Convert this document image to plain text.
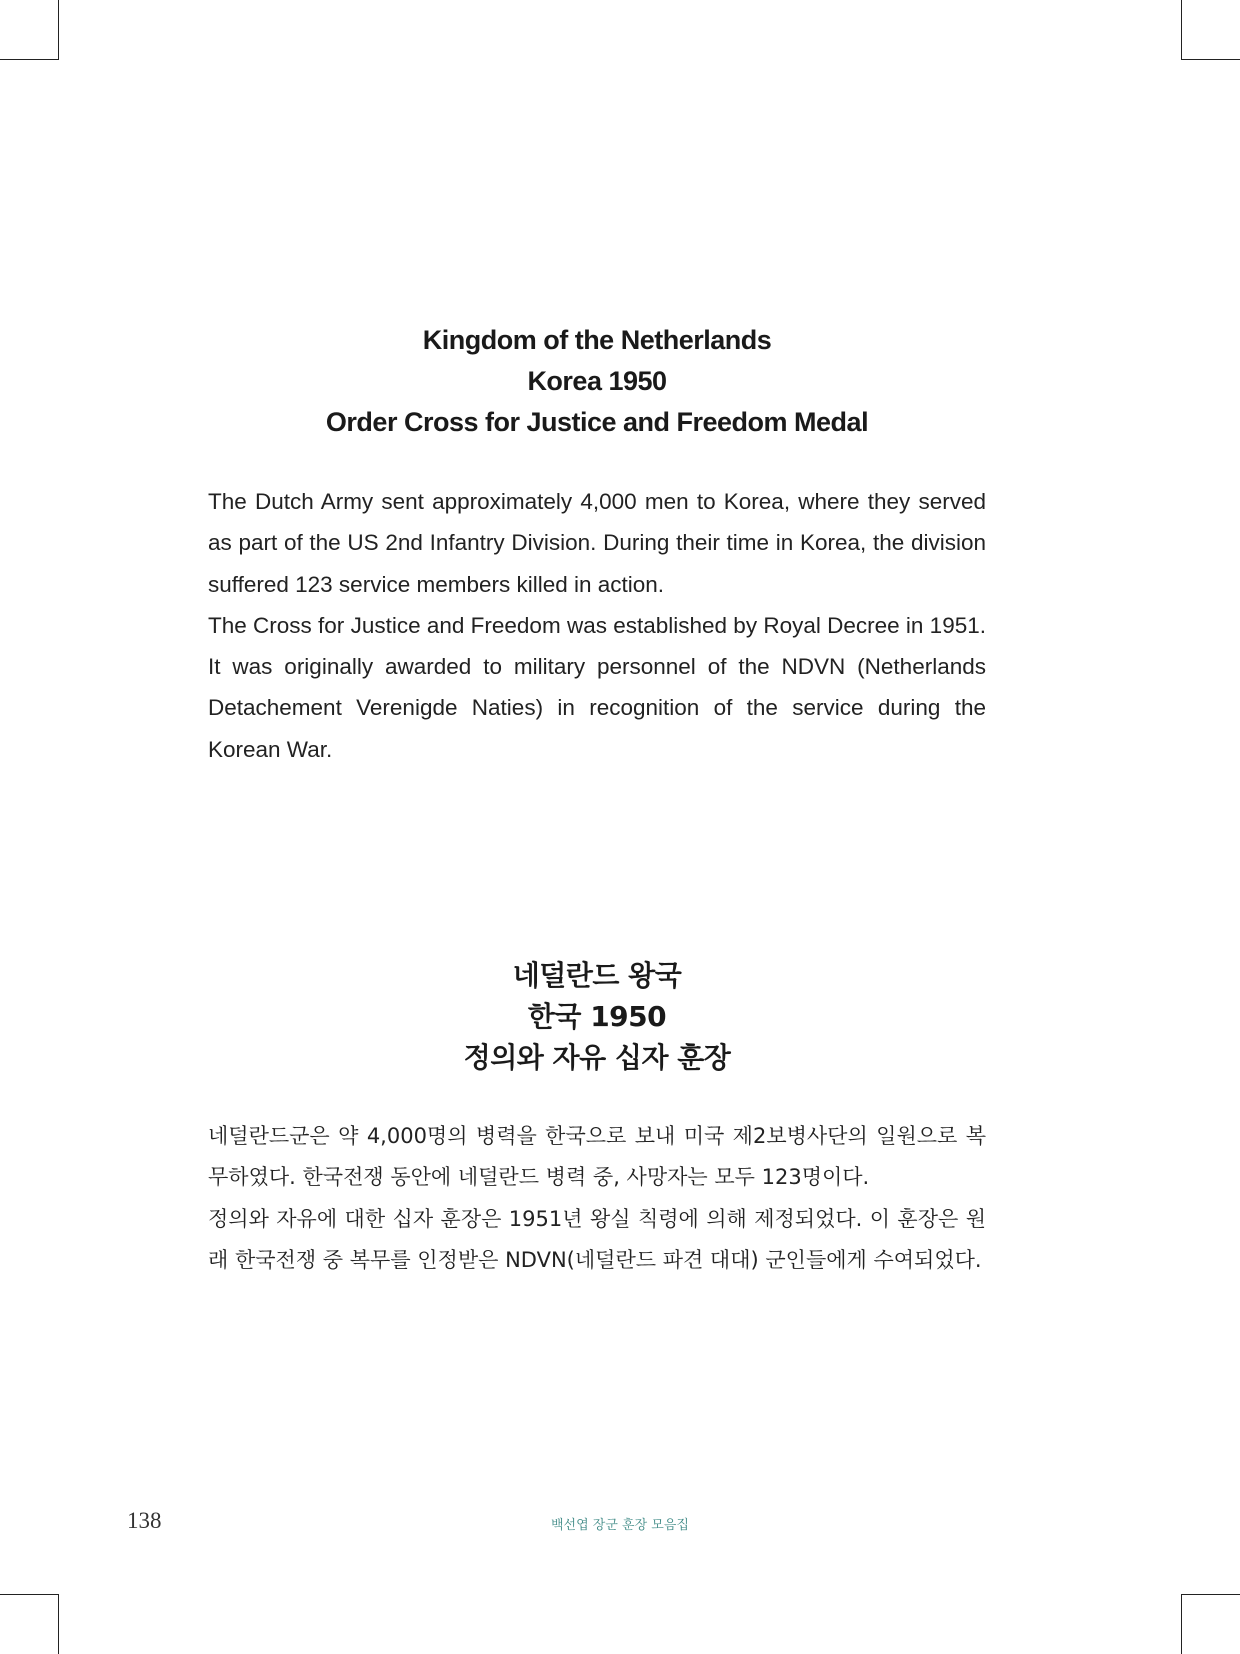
Kingdom of the Netherlands
Korea 1950
Order Cross for Justice and Freedom Medal

The Dutch Army sent approximately 4,000 men to Korea, where they served as part of the US 2nd Infantry Division. During their time in Korea, the division suffered 123 service members killed in action.

The Cross for Justice and Freedom was established by Royal Decree in 1951. It was originally awarded to military personnel of the NDVN (Netherlands Detachement Verenigde Naties) in recognition of the service during the Korean War.

네덜란드 왕국
한국 1950
정의와 자유 십자 훈장

네덜란드군은 약 4,000명의 병력을 한국으로 보내 미국 제2보병사단의 일원으로 복무하였다. 한국전쟁 동안에 네덜란드 병력 중, 사망자는 모두 123명이다.

정의와 자유에 대한 십자 훈장은 1951년 왕실 칙령에 의해 제정되었다. 이 훈장은 원래 한국전쟁 중 복무를 인정받은 NDVN(네덜란드 파견 대대) 군인들에게 수여되었다.

138	백선엽 장군 훈장 모음집
